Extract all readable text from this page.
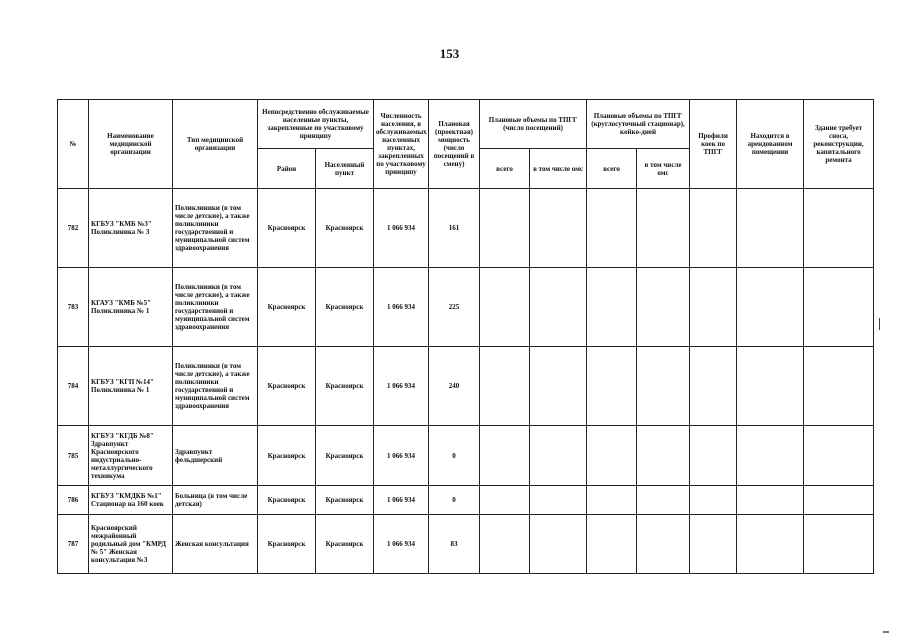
153
№	Наименование медицинской организации	Тип медицинской организации	Непосредственно обслуживаемые населенные пункты, закрепленные по участковому принципу		Численность населения, в обслуживаемых населенных пунктах, закрепленных по участковому принципу	Плановая (проектная) мощность (число посещений в смену)	Плановые объемы по ТПГГ (число посещений)		Плановые объемы по ТПГГ (круглосуточный стационар), койко-дней		Профили коек по ТПГГ	Находится в арендованном помещении	Здание требует сноса, реконструкции, капитального ремонта
			Район	Населенный пункт			всего	в том числе омс	всего	в том числе омс			
782	КГБУЗ "КМБ №3" Поликлиника № 3	Поликлиники (в том числе детские), а также поликлиники государственной и муниципальной систем здравоохранения	Красноярск	Красноярск	1 066 934	161							
783	КГАУЗ "КМБ №5" Поликлиника № 1	Поликлиники (в том числе детские), а также поликлиники государственной и муниципальной систем здравоохранения	Красноярск	Красноярск	1 066 934	225							
784	КГБУЗ "КГП №14" Поликлиника № 1	Поликлиники (в том числе детские), а также поликлиники государственной и муниципальной систем здравоохранения	Красноярск	Красноярск	1 066 934	240							
785	КГБУЗ "КГДБ №8" Здравпункт Красноярского индустриально-металлургического техникума	Здравпункт фельдшерский	Красноярск	Красноярск	1 066 934	0							
786	КГБУЗ "КМДКБ №1" Стационар на 160 коек	Больница (в том числе детская)	Красноярск	Красноярск	1 066 934	0							
787	Красноярский межрайонный родильный дом "КМРД № 5" Женская консультация №3	Женская консультация	Красноярск	Красноярск	1 066 934	83							
